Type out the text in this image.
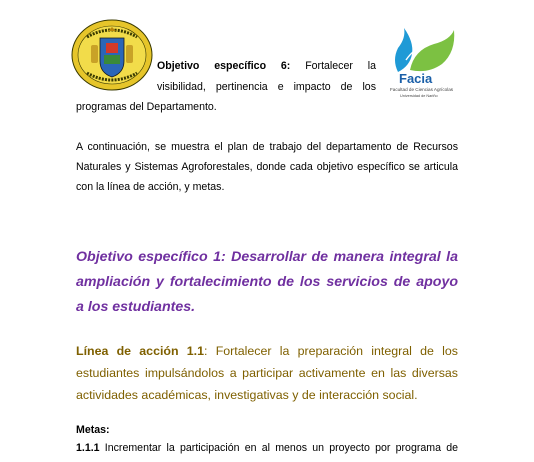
Facia
Facultad de Ciencias Agrícolas
Universidad de Nariño
Objetivo específico 6: Fortalecer la
visibilidad, pertinencia e impacto de los
programas del Departamento.
A continuación, se muestra el plan de trabajo del departamento de Recursos
Naturales y Sistemas Agroforestales, donde cada objetivo específico se articula
con la línea de acción, y metas.
Objetivo específico 1: Desarrollar de manera integral la
ampliación y fortalecimiento de los servicios de apoyo
a los estudiantes.
Línea de acción 1.1: Fortalecer la preparación integral de los
estudiantes impulsándolos a participar activamente en las diversas
actividades académicas, investigativas y de interacción social.
Metas:
1.1.1 Incrementar la participación en al menos un proyecto por programa de
